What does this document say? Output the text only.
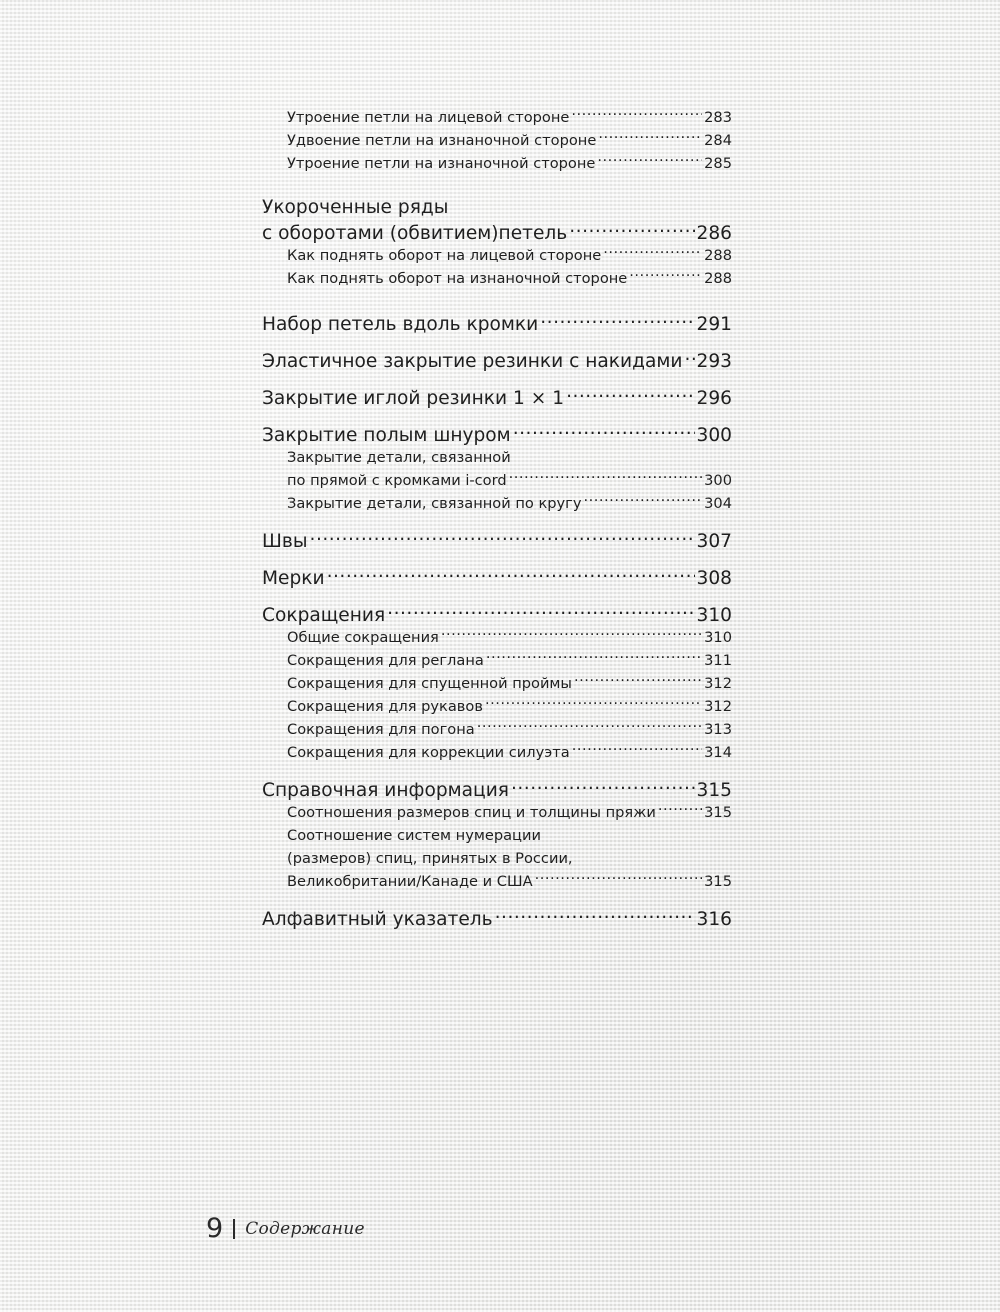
Утроение петли на лицевой стороне .....	283
Удвоение петли на изнаночной стороне .....	284
Утроение петли на изнаночной стороне .....	285
Укороченные ряды
с оборотами (обвитием)петель .....	286
Как поднять оборот на лицевой стороне .....	288
Как поднять оборот на изнаночной стороне .....	288
Набор петель вдоль кромки .....	291
Эластичное закрытие резинки с накидами ..... 293
Закрытие иглой резинки 1 × 1 .....	296
Закрытие полым шнуром .....	300
Закрытие детали, связанной
по прямой с кромками i-cord .....	300
Закрытие детали, связанной по кругу .....	304
Швы .....	307
Мерки .....	308
Сокращения .....	310
Общие сокращения .....	310
Сокращения для реглана .....	311
Сокращения для спущенной проймы .....	312
Сокращения для рукавов .....	312
Сокращения для погона .....	313
Сокращения для коррекции силуэта .....	314
Справочная информация .....	315
Соотношения размеров спиц и толщины пряжи .....	315
Соотношение систем нумерации
(размеров) спиц, принятых в России,
Великобритании/Канаде и США .....	315
Алфавитный указатель .....	316
9 Содержание
